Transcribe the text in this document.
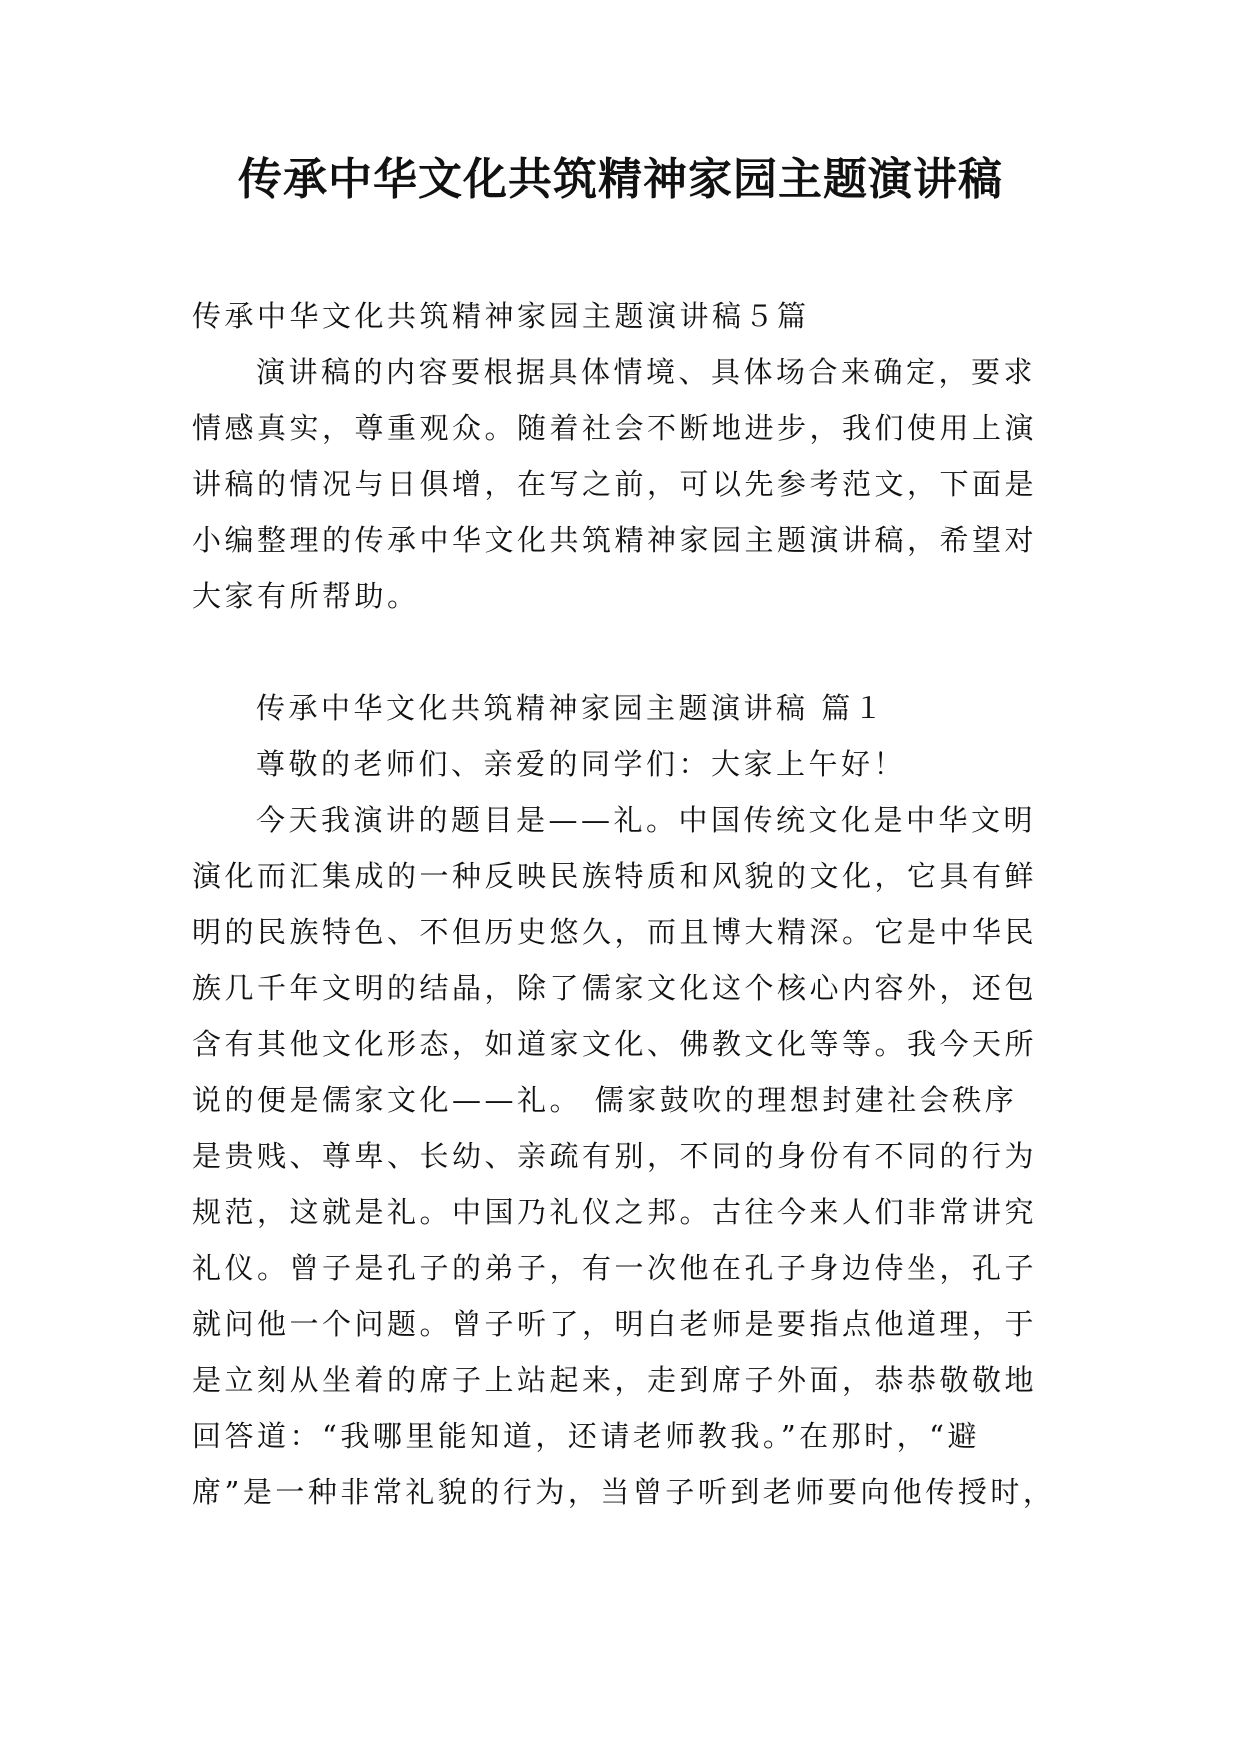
传承中华文化共筑精神家园主题演讲稿

传承中华文化共筑精神家园主题演讲稿５篇

演讲稿的内容要根据具体情境、具体场合来确定，要求
情感真实，尊重观众。随着社会不断地进步，我们使用上演
讲稿的情况与日俱增，在写之前，可以先参考范文，下面是
小编整理的传承中华文化共筑精神家园主题演讲稿，希望对
大家有所帮助。

传承中华文化共筑精神家园主题演讲稿 篇１

尊敬的老师们、亲爱的同学们：大家上午好！

今天我演讲的题目是——礼。中国传统文化是中华文明
演化而汇集成的一种反映民族特质和风貌的文化，它具有鲜
明的民族特色、不但历史悠久，而且博大精深。它是中华民
族几千年文明的结晶，除了儒家文化这个核心内容外，还包
含有其他文化形态，如道家文化、佛教文化等等。我今天所
说的便是儒家文化——礼。 儒家鼓吹的理想封建社会秩序
是贵贱、尊卑、长幼、亲疏有别，不同的身份有不同的行为
规范，这就是礼。中国乃礼仪之邦。古往今来人们非常讲究
礼仪。曾子是孔子的弟子，有一次他在孔子身边侍坐，孔子
就问他一个问题。曾子听了，明白老师是要指点他道理，于
是立刻从坐着的席子上站起来，走到席子外面，恭恭敬敬地
回答道：“我哪里能知道，还请老师教我。”在那时，“避
席”是一种非常礼貌的行为，当曾子听到老师要向他传授时，
